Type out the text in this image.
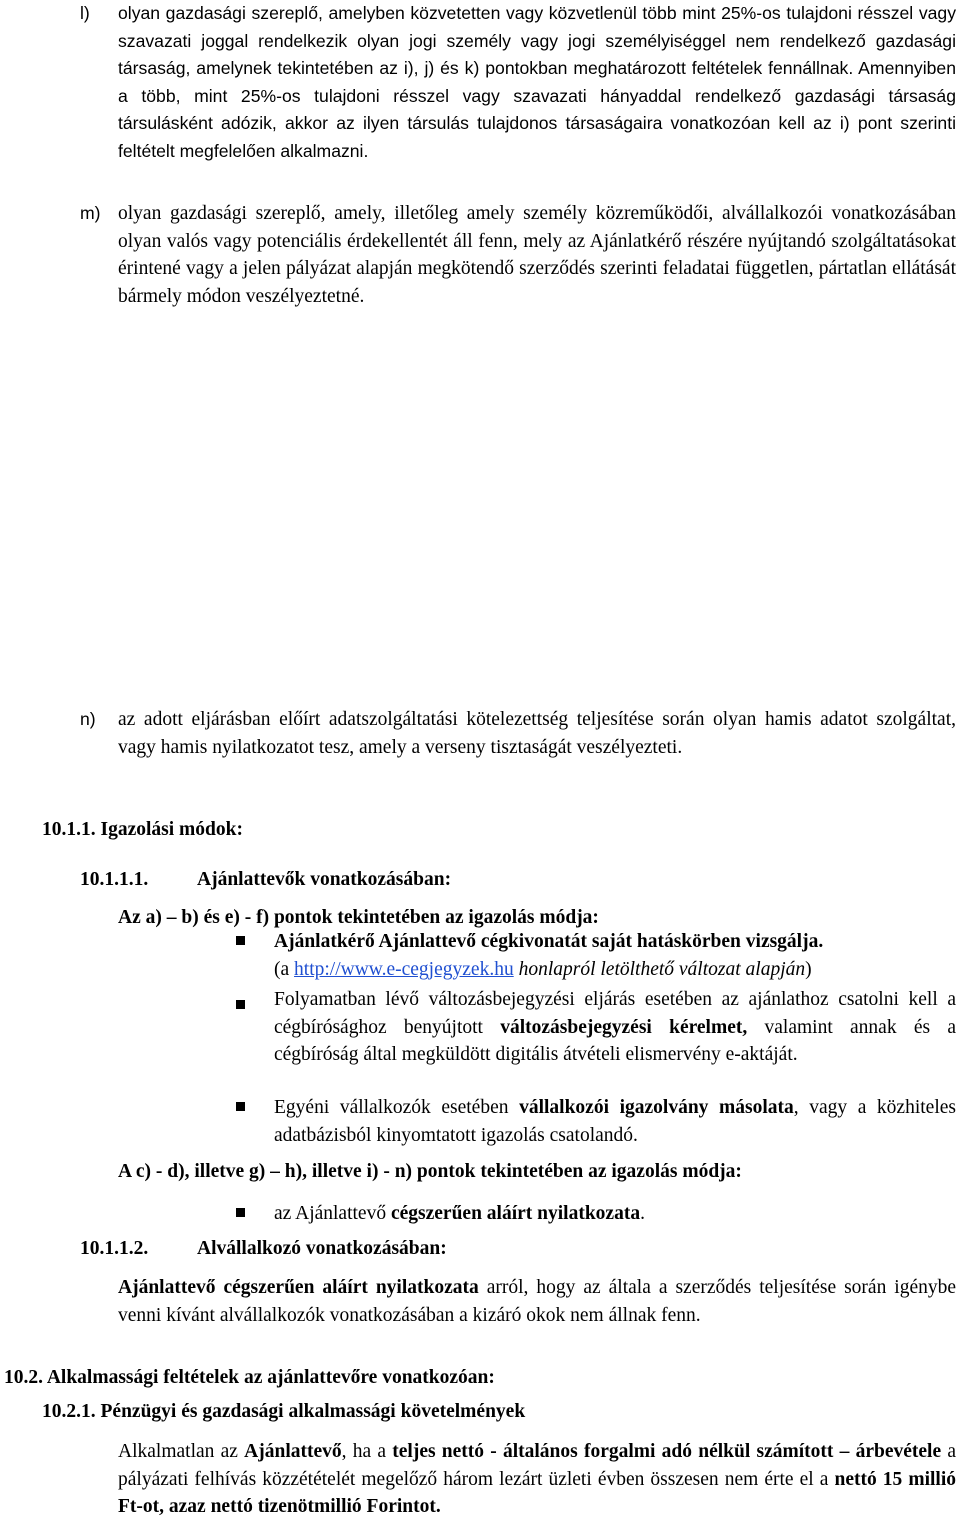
l) olyan gazdasági szereplő, amelyben közvetetten vagy közvetlenül több mint 25%-os tulajdoni résszel vagy szavazati joggal rendelkezik olyan jogi személy vagy jogi személyiséggel nem rendelkező gazdasági társaság, amelynek tekintetében az i), j) és k) pontokban meghatározott feltételek fennállnak. Amennyiben a több, mint 25%-os tulajdoni résszel vagy szavazati hányaddal rendelkező gazdasági társaság társulásként adózik, akkor az ilyen társulás tulajdonos társaságaira vonatkozóan kell az i) pont szerinti feltételt megfelelően alkalmazni.
m) olyan gazdasági szereplő, amely, illetőleg amely személy közreműködői, alvállalkozói vonatkozásában olyan valós vagy potenciális érdekellentét áll fenn, mely az Ajánlatkérő részére nyújtandó szolgáltatásokat érintené vagy a jelen pályázat alapján megkötendő szerződés szerinti feladatai független, pártatlan ellátását bármely módon veszélyeztetné.
n) az adott eljárásban előírt adatszolgáltatási kötelezettség teljesítése során olyan hamis adatot szolgáltat, vagy hamis nyilatkozatot tesz, amely a verseny tisztaságát veszélyezteti.
10.1.1. Igazolási módok:
10.1.1.1.	Ajánlattevők vonatkozásában:
Az a) – b) és e) - f) pontok tekintetében az igazolás módja:
Ajánlatkérő Ajánlattevő cégkivonatát saját hatáskörben vizsgálja.
(a http://www.e-cegjegyzek.hu honlapról letölthető változat alapján)
Folyamatban lévő változásbejegyzési eljárás esetében az ajánlathoz csatolni kell a cégbírósághoz benyújtott változásbejegyzési kérelmet, valamint annak és a cégbíróság által megküldött digitális átvételi elismervény e-aktáját.
Egyéni vállalkozók esetében vállalkozói igazolvány másolata, vagy a közhiteles adatbázisból kinyomtatott igazolás csatolandó.
A c) - d), illetve g) – h), illetve i) - n) pontok tekintetében az igazolás módja:
az Ajánlattevő cégszerűen aláírt nyilatkozata.
10.1.1.2.	Alvállalkozó vonatkozásában:
Ajánlattevő cégszerűen aláírt nyilatkozata arról, hogy az általa a szerződés teljesítése során igénybe venni kívánt alvállalkozók vonatkozásában a kizáró okok nem állnak fenn.
10.2. Alkalmassági feltételek az ajánlattevőre vonatkozóan:
10.2.1. Pénzügyi és gazdasági alkalmassági követelmények
Alkalmatlan az Ajánlattevő, ha a teljes nettó - általános forgalmi adó nélkül számított – árbevétele a pályázati felhívás közzétételét megelőző három lezárt üzleti évben összesen nem érte el a nettó 15 millió Ft-ot, azaz nettó tizenötmillió Forintot.
